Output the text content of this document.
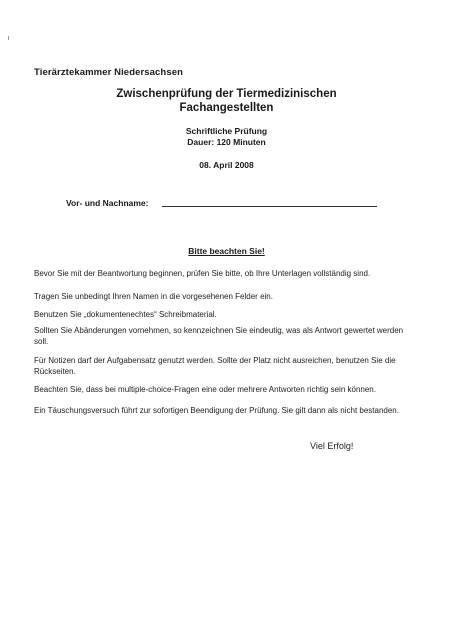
Tierärztekammer Niedersachsen
Zwischenprüfung der Tiermedizinischen
Fachangestellten
Schriftliche Prüfung
Dauer: 120 Minuten
08. April 2008
Vor- und Nachname:
Bitte beachten Sie!
Bevor Sie mit der Beantwortung beginnen, prüfen Sie bitte, ob Ihre Unterlagen vollständig sind.
Tragen Sie unbedingt Ihren Namen in die vorgesehenen Felder ein.
Benutzen Sie „dokumentenechtes“ Schreibmaterial.
Sollten Sie Abänderungen vornehmen, so kennzeichnen Sie eindeutig, was als Antwort gewertet werden soll.
Für Notizen darf der Aufgabensatz genutzt werden. Sollte der Platz nicht ausreichen, benutzen Sie die Rückseiten.
Beachten Sie, dass bei multiple-choice-Fragen eine oder mehrere Antworten richtig sein können.
Ein Täuschungsversuch führt zur sofortigen Beendigung der Prüfung. Sie gilt dann als nicht bestanden.
Viel Erfolg!
